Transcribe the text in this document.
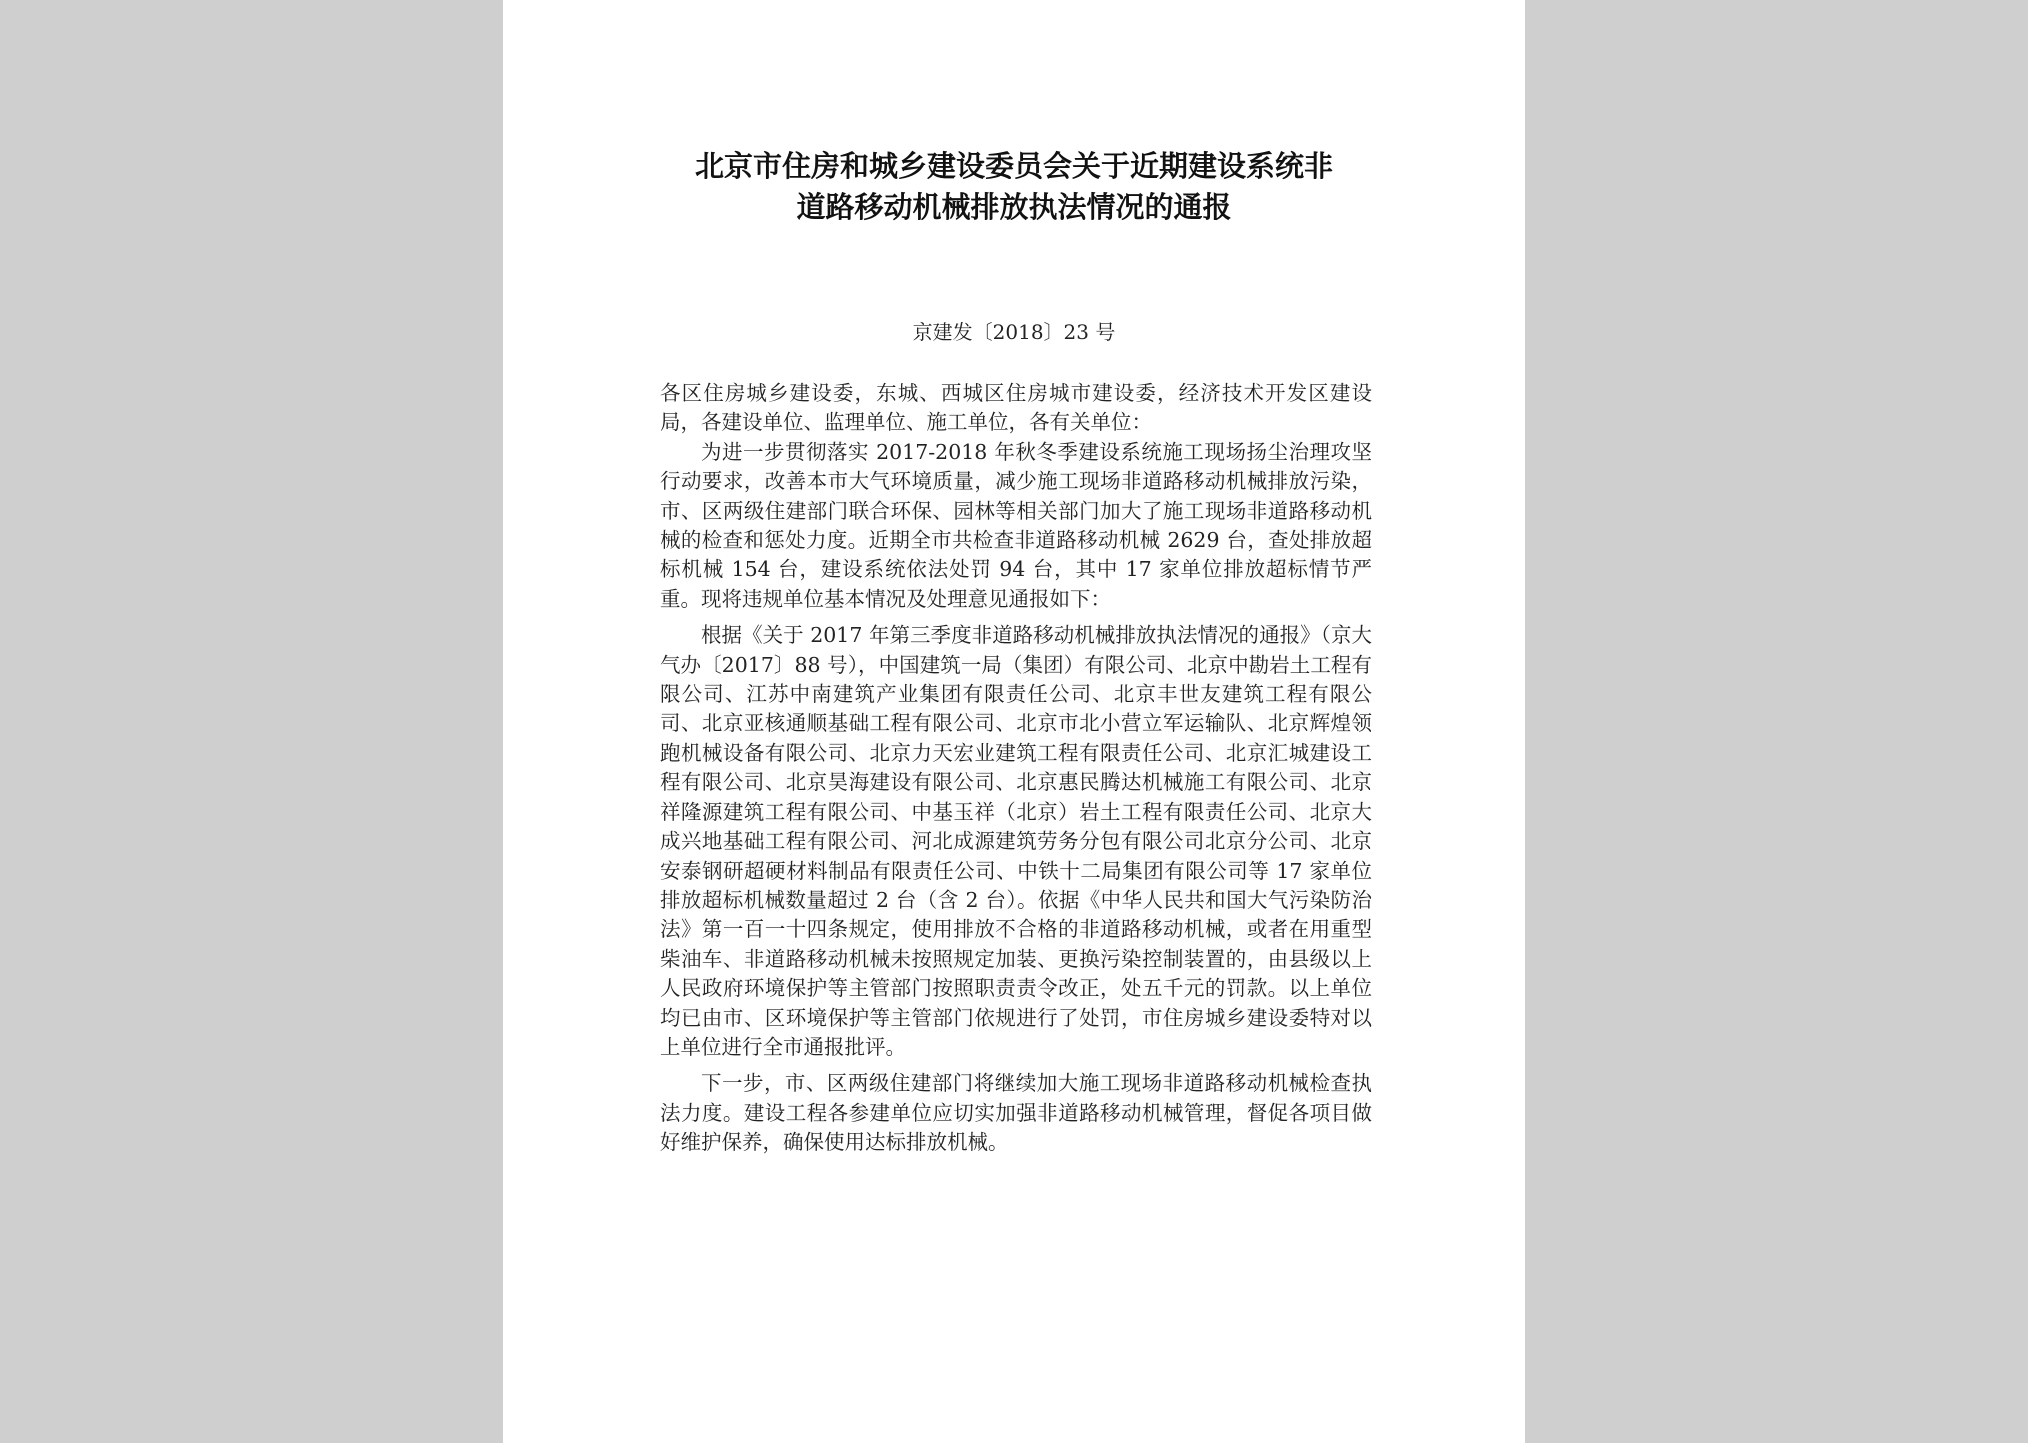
北京市住房和城乡建设委员会关于近期建设系统非
道路移动机械排放执法情况的通报
京建发〔2018〕23 号

各区住房城乡建设委，东城、西城区住房城市建设委，经济技术开发区建设局，各建设单位、监理单位、施工单位，各有关单位：

为进一步贯彻落实 2017-2018 年秋冬季建设系统施工现场扬尘治理攻坚行动要求，改善本市大气环境质量，减少施工现场非道路移动机械排放污染，市、区两级住建部门联合环保、园林等相关部门加大了施工现场非道路移动机械的检查和惩处力度。近期全市共检查非道路移动机械 2629 台，查处排放超标机械 154 台，建设系统依法处罚 94 台，其中 17 家单位排放超标情节严重。现将违规单位基本情况及处理意见通报如下：

根据《关于 2017 年第三季度非道路移动机械排放执法情况的通报》（京大气办〔2017〕88 号），中国建筑一局（集团）有限公司、北京中勘岩土工程有限公司、江苏中南建筑产业集团有限责任公司、北京丰世友建筑工程有限公司、北京亚核通顺基础工程有限公司、北京市北小营立军运输队、北京辉煌领跑机械设备有限公司、北京力天宏业建筑工程有限责任公司、北京汇城建设工程有限公司、北京昊海建设有限公司、北京惠民腾达机械施工有限公司、北京祥隆源建筑工程有限公司、中基玉祥（北京）岩土工程有限责任公司、北京大成兴地基础工程有限公司、河北成源建筑劳务分包有限公司北京分公司、北京安泰钢研超硬材料制品有限责任公司、中铁十二局集团有限公司等 17 家单位排放超标机械数量超过 2 台（含 2 台）。依据《中华人民共和国大气污染防治法》第一百一十四条规定，使用排放不合格的非道路移动机械，或者在用重型柴油车、非道路移动机械未按照规定加装、更换污染控制装置的，由县级以上人民政府环境保护等主管部门按照职责责令改正，处五千元的罚款。以上单位均已由市、区环境保护等主管部门依规进行了处罚，市住房城乡建设委特对以上单位进行全市通报批评。

下一步，市、区两级住建部门将继续加大施工现场非道路移动机械检查执法力度。建设工程各参建单位应切实加强非道路移动机械管理，督促各项目做好维护保养，确保使用达标排放机械。
